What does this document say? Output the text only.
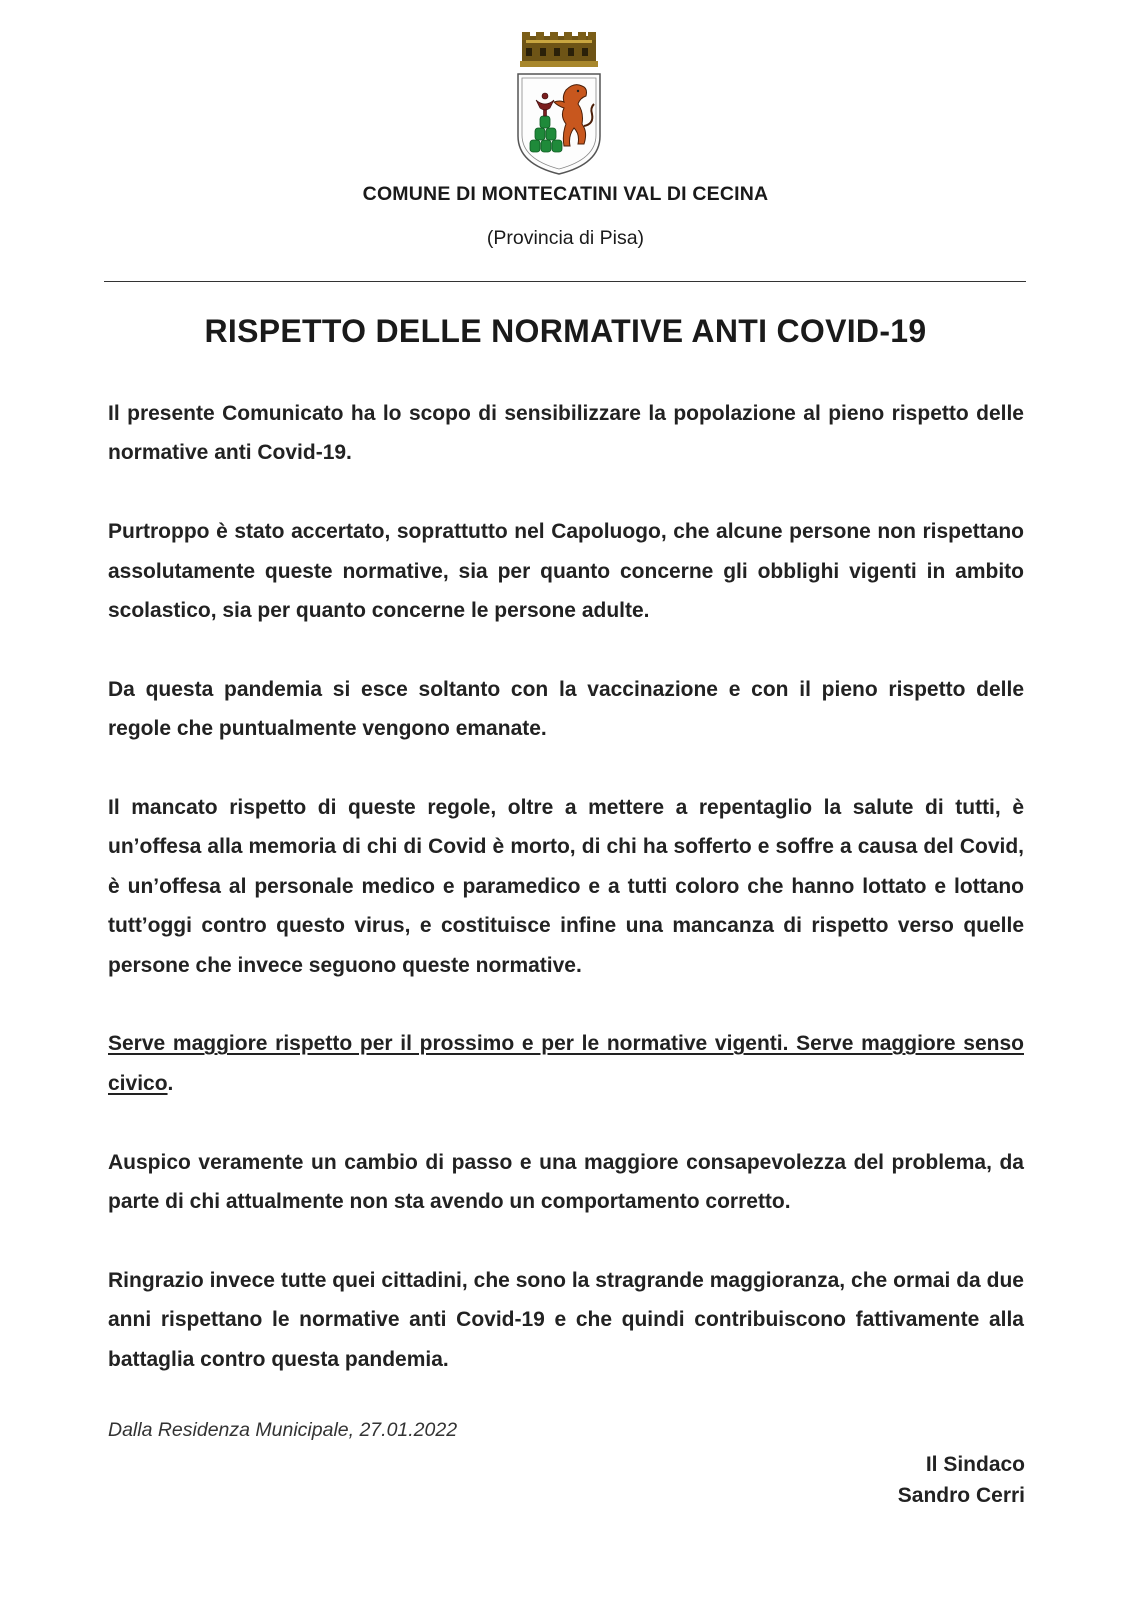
COMUNE DI MONTECATINI VAL DI CECINA
(Provincia di Pisa)
RISPETTO DELLE NORMATIVE ANTI COVID-19

Il presente Comunicato ha lo scopo di sensibilizzare la popolazione al pieno rispetto delle normative anti Covid-19.

Purtroppo è stato accertato, soprattutto nel Capoluogo, che alcune persone non rispettano assolutamente queste normative, sia per quanto concerne gli obblighi vigenti in ambito scolastico, sia per quanto concerne le persone adulte.

Da questa pandemia si esce soltanto con la vaccinazione e con il pieno rispetto delle regole che puntualmente vengono emanate.

Il mancato rispetto di queste regole, oltre a mettere a repentaglio la salute di tutti, è un’offesa alla memoria di chi di Covid è morto, di chi ha sofferto e soffre a causa del Covid, è un’offesa al personale medico e paramedico e a tutti coloro che hanno lottato e lottano tutt’oggi contro questo virus, e costituisce infine una mancanza di rispetto verso quelle persone che invece seguono queste normative.

Serve maggiore rispetto per il prossimo e per le normative vigenti. Serve maggiore senso civico.

Auspico veramente un cambio di passo e una maggiore consapevolezza del problema, da parte di chi attualmente non sta avendo un comportamento corretto.

Ringrazio invece tutte quei cittadini, che sono la stragrande maggioranza, che ormai da due anni rispettano le normative anti Covid-19 e che quindi contribuiscono fattivamente alla battaglia contro questa pandemia.

Dalla Residenza Municipale, 27.01.2022
Il Sindaco
Sandro Cerri
